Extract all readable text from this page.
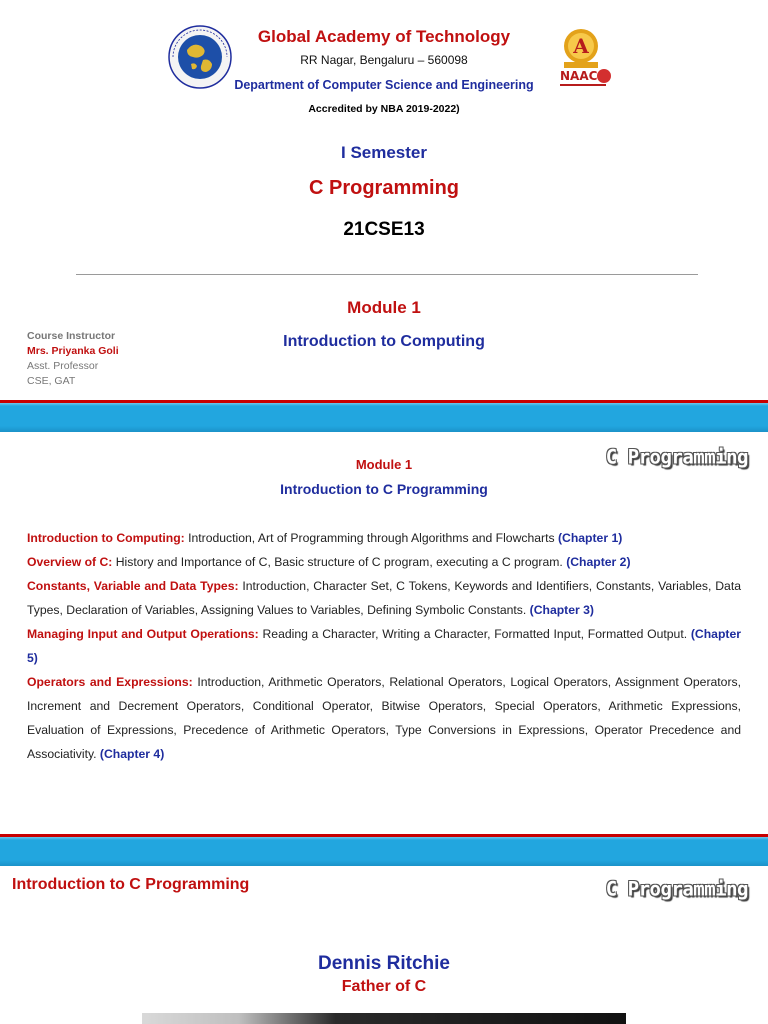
Global Academy of Technology
RR Nagar, Bengaluru – 560098
Department of Computer Science and Engineering
Accredited by NBA 2019-2022)
A
NAAC
I Semester
C Programming
21CSE13
Module 1
Introduction to Computing
Course Instructor
Mrs. Priyanka Goli
Asst. Professor
CSE, GAT
C Programming
Module 1
Introduction to C Programming

Introduction to Computing: Introduction, Art of Programming through Algorithms and Flowcharts (Chapter 1)

Overview of C: History and Importance of C, Basic structure of C program, executing a C program. (Chapter 2)

Constants, Variable and Data Types: Introduction, Character Set, C Tokens, Keywords and Identifiers, Constants, Variables, Data Types, Declaration of Variables, Assigning Values to Variables, Defining Symbolic Constants. (Chapter 3)

Managing Input and Output Operations: Reading a Character, Writing a Character, Formatted Input, Formatted Output. (Chapter 5)

Operators and Expressions: Introduction, Arithmetic Operators, Relational Operators, Logical Operators, Assignment Operators, Increment and Decrement Operators, Conditional Operator, Bitwise Operators, Special Operators, Arithmetic Expressions, Evaluation of Expressions, Precedence of Arithmetic Operators, Type Conversions in Expressions, Operator Precedence and Associativity. (Chapter 4)

Introduction to C Programming	C Programming
Dennis Ritchie
Father of C
